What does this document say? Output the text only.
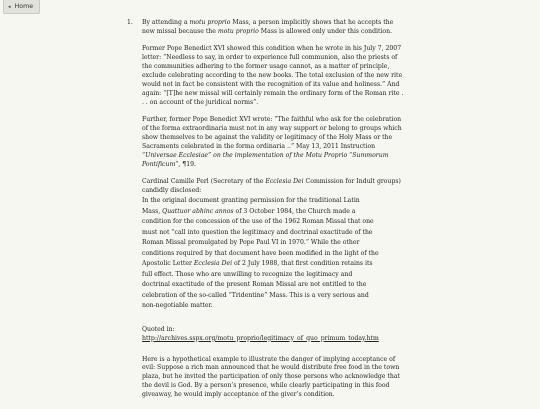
◂ Home

1. By attending a motu proprio Mass, a person implicitly shows that he accepts the new missal because the motu proprio Mass is allowed only under this condition.

Former Pope Benedict XVI showed this condition when he wrote in his July 7, 2007 letter: “Needless to say, in order to experience full communion, also the priests of the communities adhering to the former usage cannot, as a matter of principle, exclude celebrating according to the new books. The total exclusion of the new rite would not in fact be consistent with the recognition of its value and holiness.” And again: “[T]he new missal will certainly remain the ordinary form of the Roman rite . . . on account of the juridical norms”.

Further, former Pope Benedict XVI wrote: “The faithful who ask for the celebration of the forma extraordinaria must not in any way support or belong to groups which show themselves to be against the validity or legitimacy of the Holy Mass or the Sacraments celebrated in the forma ordinaria ․.” May 13, 2011 Instruction “Universae Ecclesiae” on the implementation of the Motu Proprio “Summorum Pontificum”, ¶19.

Cardinal Camille Perl (Secretary of the Ecclesia Dei Commission for Indult groups) candidly disclosed:

In the original document granting permission for the traditional Latin Mass, Quattuor abhinc annos of 3 October 1984, the Church made a condition for the concession of the use of the 1962 Roman Missal that one must not “call into question the legitimacy and doctrinal exactitude of the Roman Missal promulgated by Pope Paul VI in 1970.” While the other conditions required by that document have been modified in the light of the Apostolic Letter Ecclesia Dei of 2 July 1988, that first condition retains its full effect. Those who are unwilling to recognize the legitimacy and doctrinal exactitude of the present Roman Missal are not entitled to the celebration of the so-called “Tridentine” Mass. This is a very serious and non-negotiable matter.

Quoted in:
http://archives.sspx.org/motu_proprio/legitimacy_of_quo_primum_today.htm

Here is a hypothetical example to illustrate the danger of implying acceptance of evil: Suppose a rich man announced that he would distribute free food in the town plaza, but he invited the participation of only those persons who acknowledge that the devil is God. By a person’s presence, while clearly participating in this food giveaway, he would imply acceptance of the giver’s condition.
